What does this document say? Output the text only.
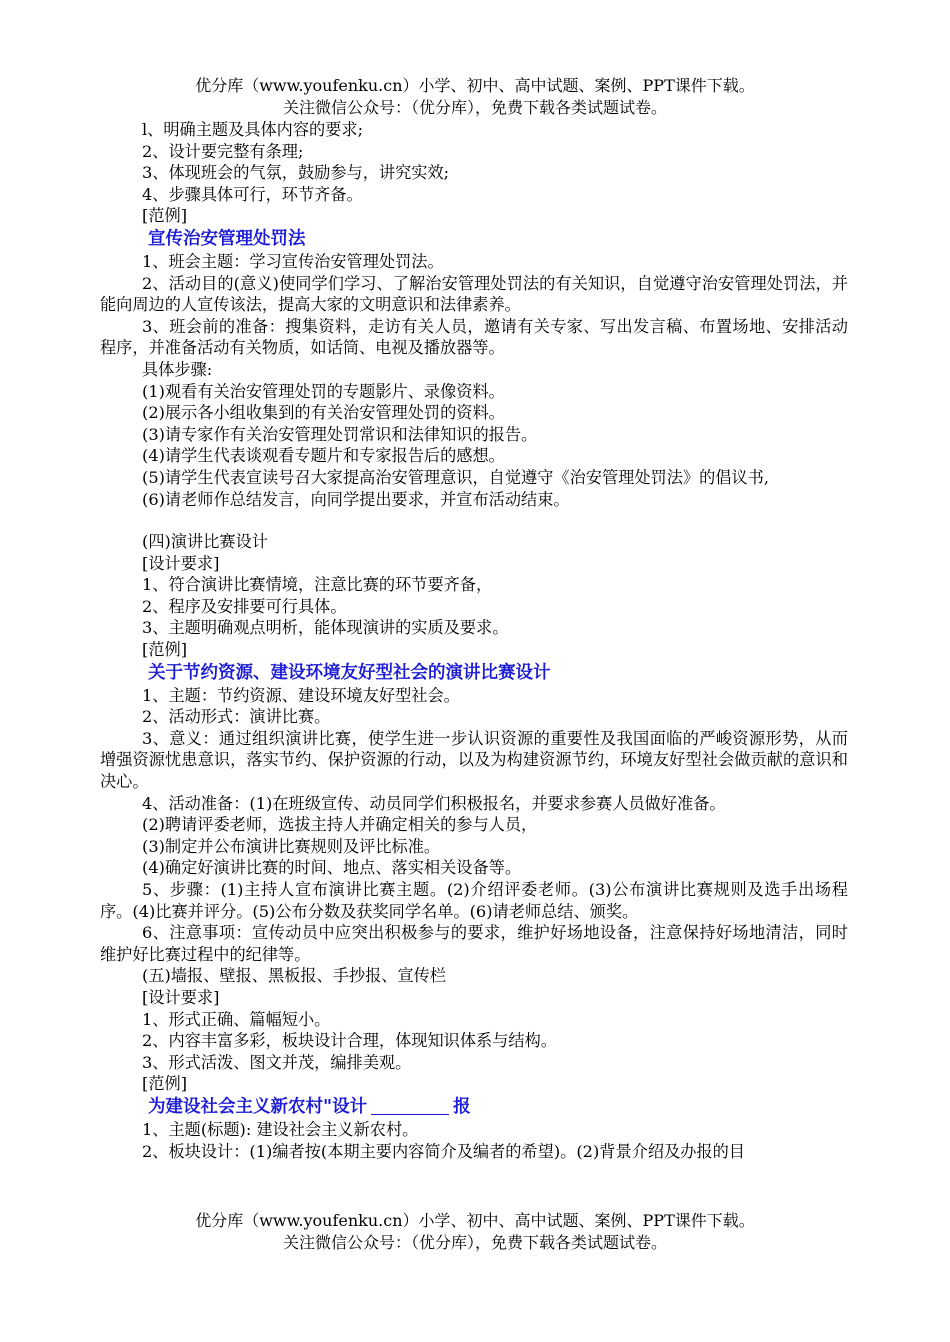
优分库（www.youfenku.cn）小学、初中、高中试题、案例、PPT课件下载。
关注微信公众号：（优分库），免费下载各类试题试卷。

l、明确主题及具体内容的要求;

2、设计要完整有条理;

3、体现班会的气氛，鼓励参与，讲究实效;

4、步骤具体可行，环节齐备。

[范例]

宣传治安管理处罚法

1、班会主题：学习宣传治安管理处罚法。

2、活动目的(意义)使同学们学习、了解治安管理处罚法的有关知识，自觉遵守治安管理处罚法，并能向周边的人宣传该法，提高大家的文明意识和法律素养。

3、班会前的准备：搜集资料，走访有关人员，邀请有关专家、写出发言稿、布置场地、安排活动程序，并准备活动有关物质，如话筒、电视及播放器等。

具体步骤:

(1)观看有关治安管理处罚的专题影片、录像资料。

(2)展示各小组收集到的有关治安管理处罚的资料。

(3)请专家作有关治安管理处罚常识和法律知识的报告。

(4)请学生代表谈观看专题片和专家报告后的感想。

(5)请学生代表宣读号召大家提高治安管理意识，自觉遵守《治安管理处罚法》的倡议书,

(6)请老师作总结发言，向同学提出要求，并宣布活动结束。

(四)演讲比赛设计

[设计要求]

1、符合演讲比赛情境，注意比赛的环节要齐备，

2、程序及安排要可行具体。

3、主题明确观点明析，能体现演讲的实质及要求。

[范例]

关于节约资源、建设环境友好型社会的演讲比赛设计

1、主题：节约资源、建设环境友好型社会。

2、活动形式：演讲比赛。

3、意义：通过组织演讲比赛，使学生进一步认识资源的重要性及我国面临的严峻资源形势，从而增强资源忧患意识，落实节约、保护资源的行动，以及为构建资源节约，环境友好型社会做贡献的意识和决心。

4、活动准备：(1)在班级宣传、动员同学们积极报名，并要求参赛人员做好准备。

(2)聘请评委老师，选拔主持人并确定相关的参与人员，

(3)制定并公布演讲比赛规则及评比标准。

(4)确定好演讲比赛的时间、地点、落实相关设备等。

5、步骤：(1)主持人宣布演讲比赛主题。(2)介绍评委老师。(3)公布演讲比赛规则及选手出场程序。(4)比赛并评分。(5)公布分数及获奖同学名单。(6)请老师总结、颁奖。

6、注意事项：宣传动员中应突出积极参与的要求，维护好场地设备，注意保持好场地清洁，同时维护好比赛过程中的纪律等。

(五)墙报、壁报、黑板报、手抄报、宣传栏

[设计要求]

1、形式正确、篇幅短小。

2、内容丰富多彩，板块设计合理，体现知识体系与结构。

3、形式活泼、图文并茂，编排美观。

[范例]

为建设社会主义新农村"设计	报

1、主题(标题): 建设社会主义新农村。

2、板块设计：(1)编者按(本期主要内容简介及编者的希望)。(2)背景介绍及办报的目

优分库（www.youfenku.cn）小学、初中、高中试题、案例、PPT课件下载。
关注微信公众号：（优分库），免费下载各类试题试卷。
